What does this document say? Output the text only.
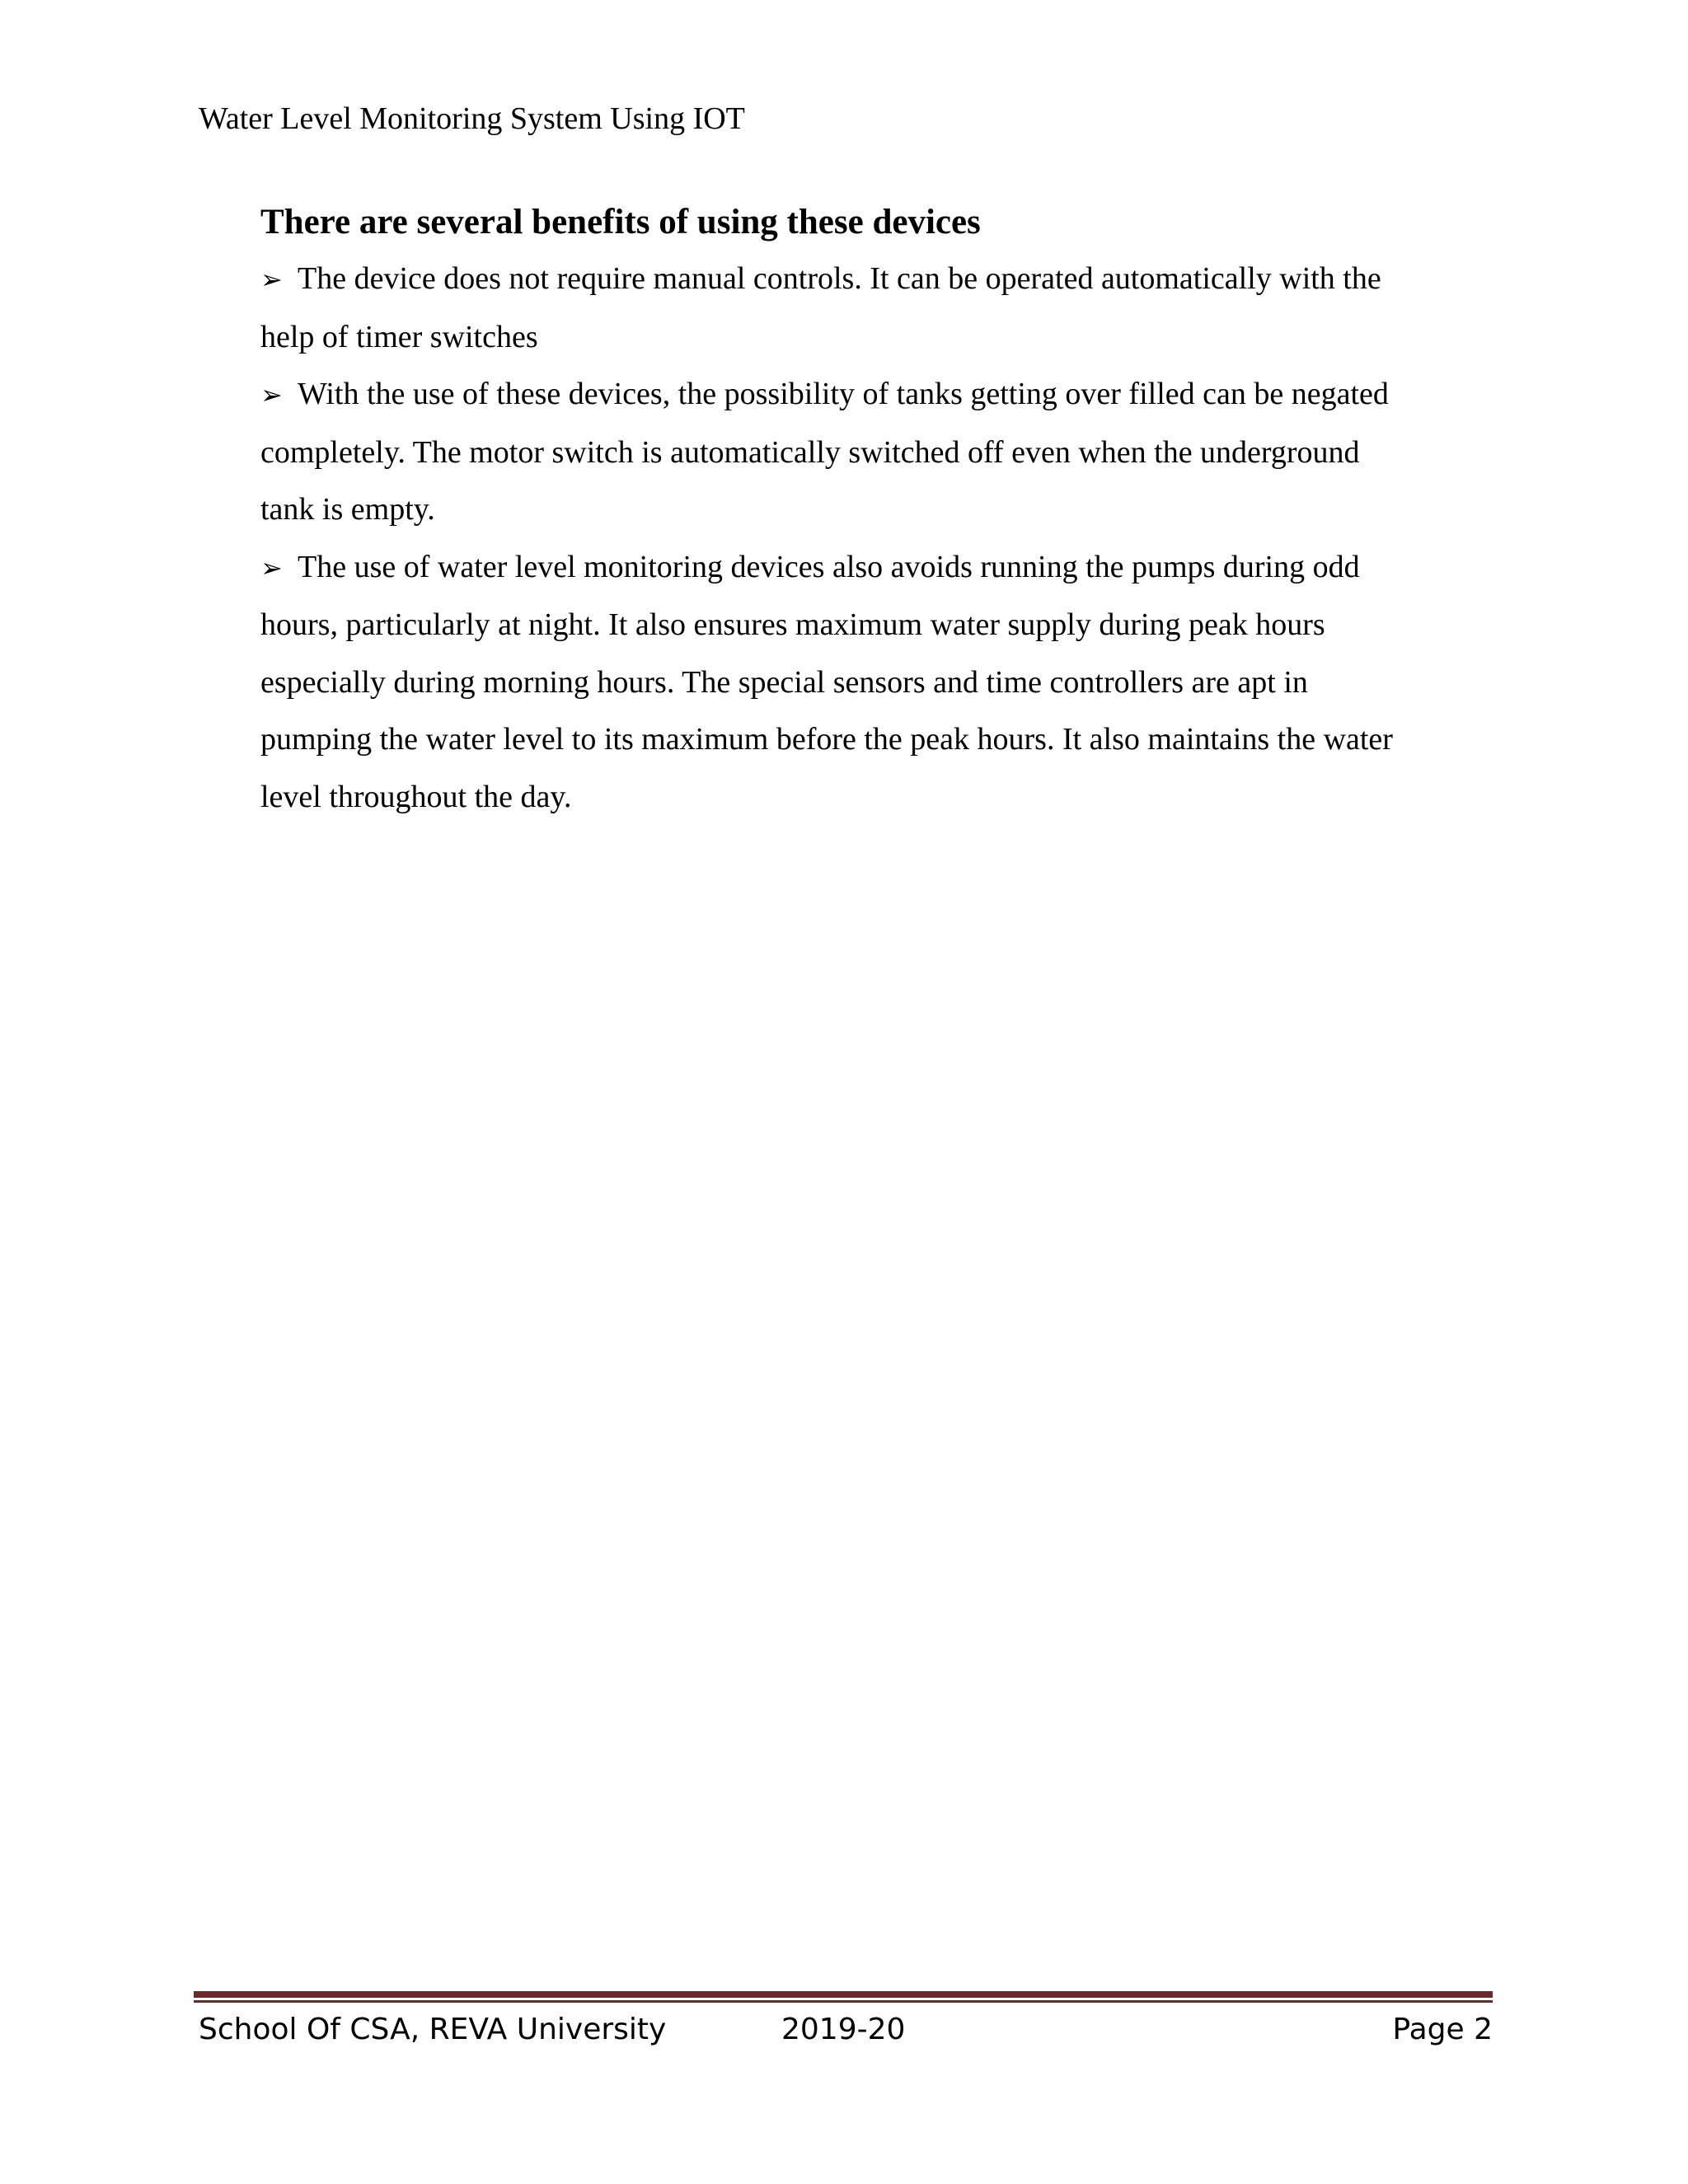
Water Level Monitoring System Using IOT
There are several benefits of using these devices
➢ The device does not require manual controls. It can be operated automatically with the
help of timer switches
➢ With the use of these devices, the possibility of tanks getting over filled can be negated
completely. The motor switch is automatically switched off even when the underground
tank is empty.
➢ The use of water level monitoring devices also avoids running the pumps during odd
hours, particularly at night. It also ensures maximum water supply during peak hours
especially during morning hours. The special sensors and time controllers are apt in
pumping the water level to its maximum before the peak hours. It also maintains the water
level throughout the day.
School Of CSA, REVA University	2019-20	Page 2
